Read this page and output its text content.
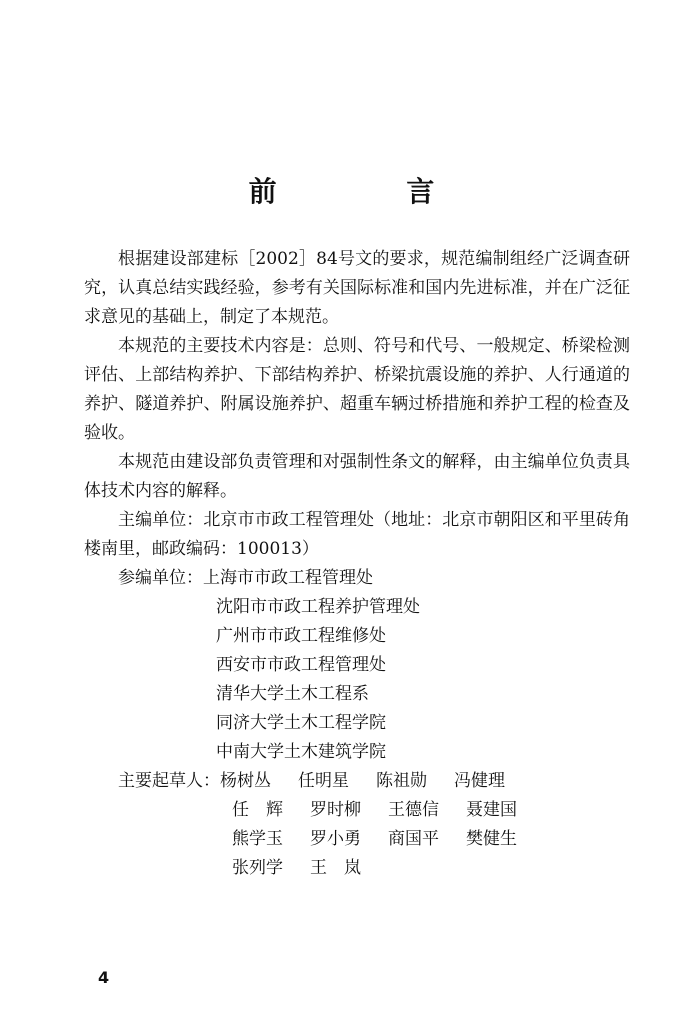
前 言

根据建设部建标［2002］84号文的要求，规范编制组经广泛调查研究，认真总结实践经验，参考有关国际标准和国内先进标准，并在广泛征求意见的基础上，制定了本规范。

本规范的主要技术内容是：总则、符号和代号、一般规定、桥梁检测评估、上部结构养护、下部结构养护、桥梁抗震设施的养护、人行通道的养护、隧道养护、附属设施养护、超重车辆过桥措施和养护工程的检查及验收。

本规范由建设部负责管理和对强制性条文的解释，由主编单位负责具体技术内容的解释。

主编单位：北京市市政工程管理处（地址：北京市朝阳区和平里砖角楼南里，邮政编码：100013）

参编单位：上海市市政工程管理处
沈阳市市政工程养护管理处
广州市市政工程维修处
西安市市政工程管理处
清华大学土木工程系
同济大学土木工程学院
中南大学土木建筑学院
主要起草人：杨树丛 任明星 陈祖勋 冯健理
任　辉 罗时柳 王德信 聂建国
熊学玉 罗小勇 商国平 樊健生
张列学 王　岚
4
